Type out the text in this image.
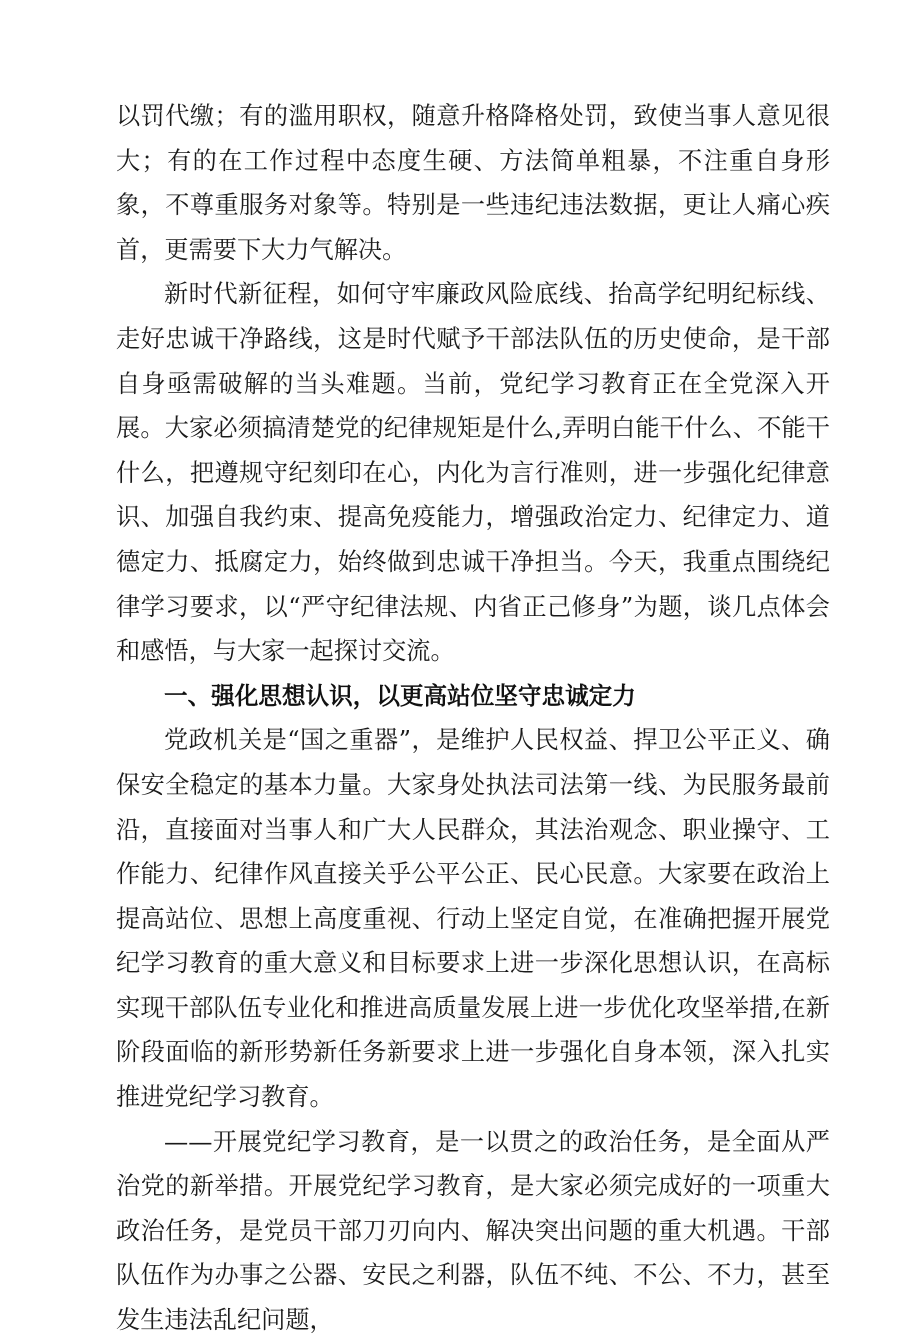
以罚代缴；有的滥用职权，随意升格降格处罚，致使当事人意见很大；有的在工作过程中态度生硬、方法简单粗暴，不注重自身形象，不尊重服务对象等。特别是一些违纪违法数据，更让人痛心疾首，更需要下大力气解决。

新时代新征程，如何守牢廉政风险底线、抬高学纪明纪标线、走好忠诚干净路线，这是时代赋予干部法队伍的历史使命，是干部自身亟需破解的当头难题。当前，党纪学习教育正在全党深入开展。大家必须搞清楚党的纪律规矩是什么,弄明白能干什么、不能干什么，把遵规守纪刻印在心，内化为言行准则，进一步强化纪律意识、加强自我约束、提高免疫能力，增强政治定力、纪律定力、道德定力、抵腐定力，始终做到忠诚干净担当。今天，我重点围绕纪律学习要求，以“严守纪律法规、内省正己修身”为题，谈几点体会和感悟，与大家一起探讨交流。

一、强化思想认识，以更高站位坚守忠诚定力

党政机关是“国之重器”，是维护人民权益、捍卫公平正义、确保安全稳定的基本力量。大家身处执法司法第一线、为民服务最前沿，直接面对当事人和广大人民群众，其法治观念、职业操守、工作能力、纪律作风直接关乎公平公正、民心民意。大家要在政治上提高站位、思想上高度重视、行动上坚定自觉，在准确把握开展党纪学习教育的重大意义和目标要求上进一步深化思想认识，在高标实现干部队伍专业化和推进高质量发展上进一步优化攻坚举措,在新阶段面临的新形势新任务新要求上进一步强化自身本领，深入扎实推进党纪学习教育。

——开展党纪学习教育，是一以贯之的政治任务，是全面从严治党的新举措。开展党纪学习教育，是大家必须完成好的一项重大政治任务，是党员干部刀刃向内、解决突出问题的重大机遇。干部队伍作为办事之公器、安民之利器，队伍不纯、不公、不力，甚至发生违法乱纪问题，
